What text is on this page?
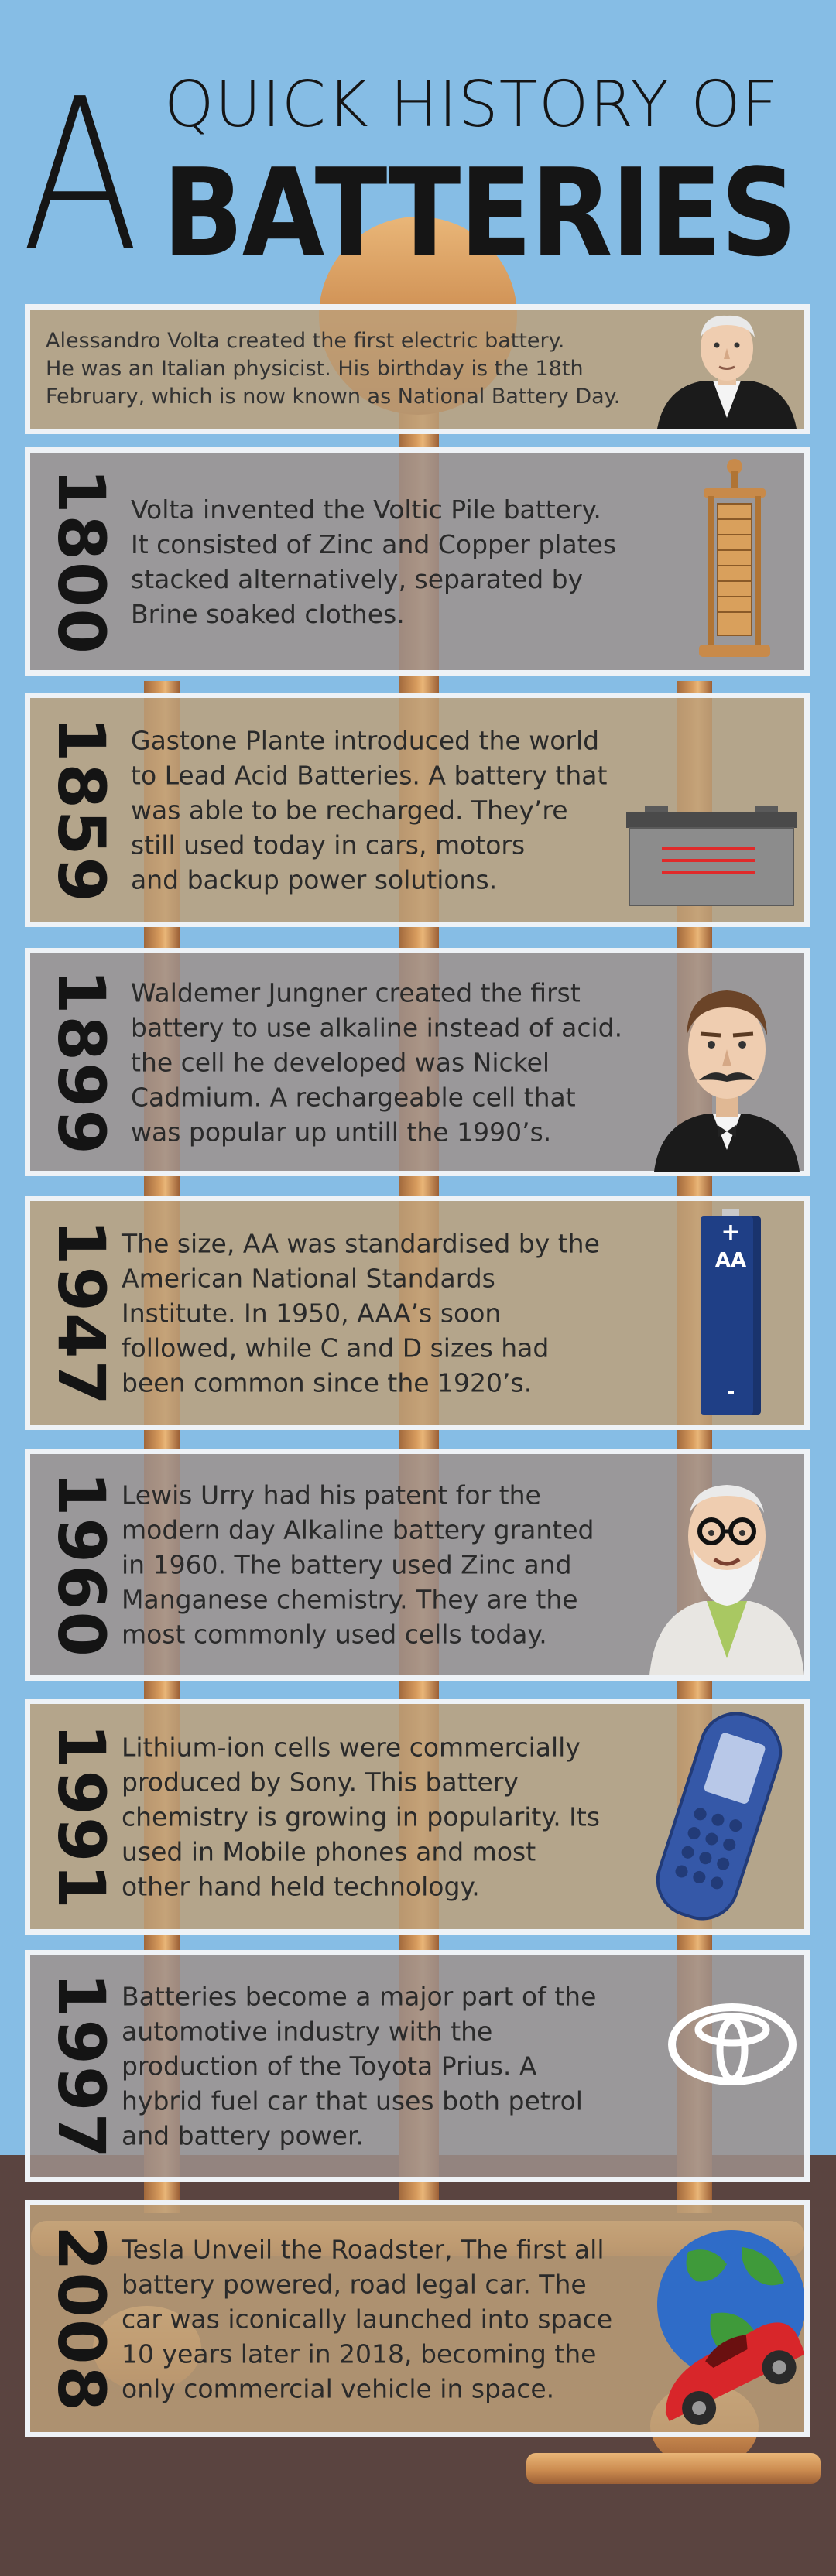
A QUICK HISTORY OF
BATTERIES
Alessandro Volta created the first electric battery.
He was an Italian physicist. His birthday is the 18th
February, which is now known as National Battery Day.
1800 Volta invented the Voltic Pile battery.
It consisted of Zinc and Copper plates
stacked alternatively, separated by
Brine soaked clothes.
1859 Gastone Plante introduced the world
to Lead Acid Batteries. A battery that
was able to be recharged. They’re
still used today in cars, motors
and backup power solutions.
1899 Waldemer Jungner created the first
battery to use alkaline instead of acid.
the cell he developed was Nickel
Cadmium. A rechargeable cell that
was popular up untill the 1990’s.
1947 The size, AA was standardised by the
American National Standards
Institute. In 1950, AAA’s soon
followed, while C and D sizes had
been common since the 1920’s.
+
AA
-
1960 Lewis Urry had his patent for the
modern day Alkaline battery granted
in 1960. The battery used Zinc and
Manganese chemistry. They are the
most commonly used cells today.
1991 Lithium-ion cells were commercially
produced by Sony. This battery
chemistry is growing in popularity. Its
used in Mobile phones and most
other hand held technology.
1997 Batteries become a major part of the
automotive industry with the
production of the Toyota Prius. A
hybrid fuel car that uses both petrol
and battery power.
2008 Tesla Unveil the Roadster, The first all
battery powered, road legal car. The
car was iconically launched into space
10 years later in 2018, becoming the
only commercial vehicle in space.
